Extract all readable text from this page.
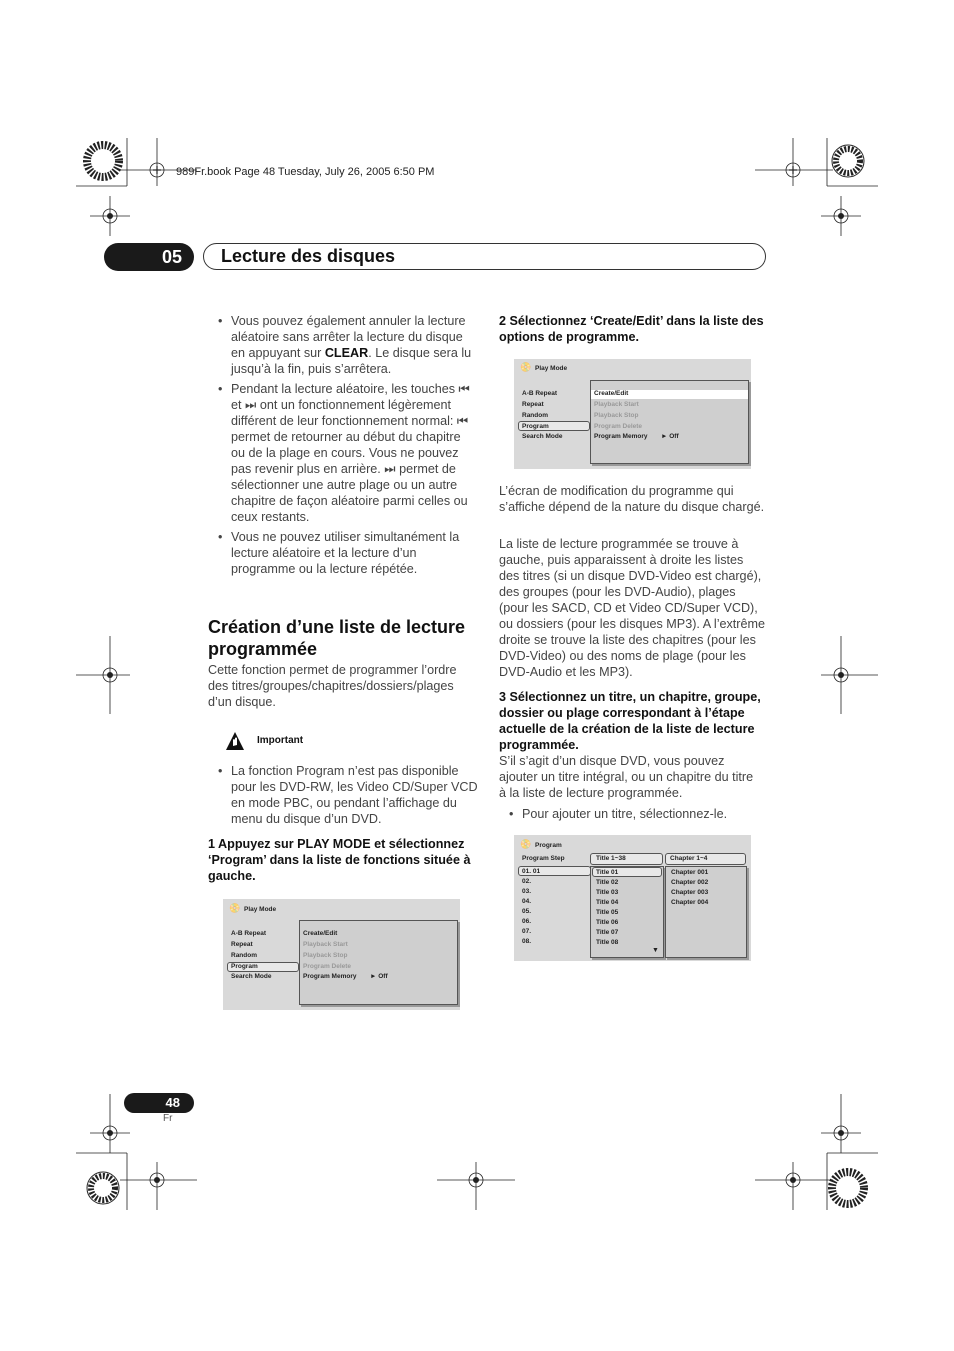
989Fr.book Page 48 Tuesday, July 26, 2005 6:50 PM
05	Lecture des disques
• Vous pouvez également annuler la lecture aléatoire sans arrêter la lecture du disque en appuyant sur CLEAR. Le disque sera lu jusqu’à la fin, puis s’arrêtera.
• Pendant la lecture aléatoire, les touches ⏮ et ⏭ ont un fonctionnement légèrement différent de leur fonctionnement normal: ⏮ permet de retourner au début du chapitre ou de la plage en cours. Vous ne pouvez pas revenir plus en arrière. ⏭ permet de sélectionner une autre plage ou un autre chapitre de façon aléatoire parmi celles ou ceux restants.
• Vous ne pouvez utiliser simultanément la lecture aléatoire et la lecture d’un programme ou la lecture répétée.
Création d’une liste de lecture programmée
Cette fonction permet de programmer l’ordre des titres/groupes/chapitres/dossiers/plages d’un disque.
Important
• La fonction Program n’est pas disponible pour les DVD-RW, les Video CD/Super VCD en mode PBC, ou pendant l’affichage du menu du disque d’un DVD.
1 Appuyez sur PLAY MODE et sélectionnez ‘Program’ dans la liste de fonctions située à gauche.
📀 Play Mode
A-B Repeat
Repeat
Random
Program
Search Mode
Create/Edit
Playback Start
Playback Stop
Program Delete
Program Memory ► Off
2 Sélectionnez ‘Create/Edit’ dans la liste des options de programme.
📀 Play Mode
A-B Repeat
Repeat
Random
Program
Search Mode
Create/Edit
Playback Start
Playback Stop
Program Delete
Program Memory ► Off
L’écran de modification du programme qui s’affiche dépend de la nature du disque chargé.
La liste de lecture programmée se trouve à gauche, puis apparaissent à droite les listes des titres (si un disque DVD-Video est chargé), des groupes (pour les DVD-Audio), plages (pour les SACD, CD et Video CD/Super VCD), ou dossiers (pour les disques MP3). A l’extrême droite se trouve la liste des chapitres (pour les DVD-Video) ou des noms de plage (pour les DVD-Audio et les MP3).
3 Sélectionnez un titre, un chapitre, groupe, dossier ou plage correspondant à l’étape actuelle de la création de la liste de lecture programmée.
S’il s’agit d’un disque DVD, vous pouvez ajouter un titre intégral, ou un chapitre du titre à la liste de lecture programmée.
• Pour ajouter un titre, sélectionnez-le.
📀 Program
Program Step
01. 01
02.
03.
04.
05.
06.
07.
08.
Title 1~38
Title 01
Title 02
Title 03
Title 04
Title 05
Title 06
Title 07
Title 08
▼
Chapter 1~4
Chapter 001
Chapter 002
Chapter 003
Chapter 004
48
Fr
